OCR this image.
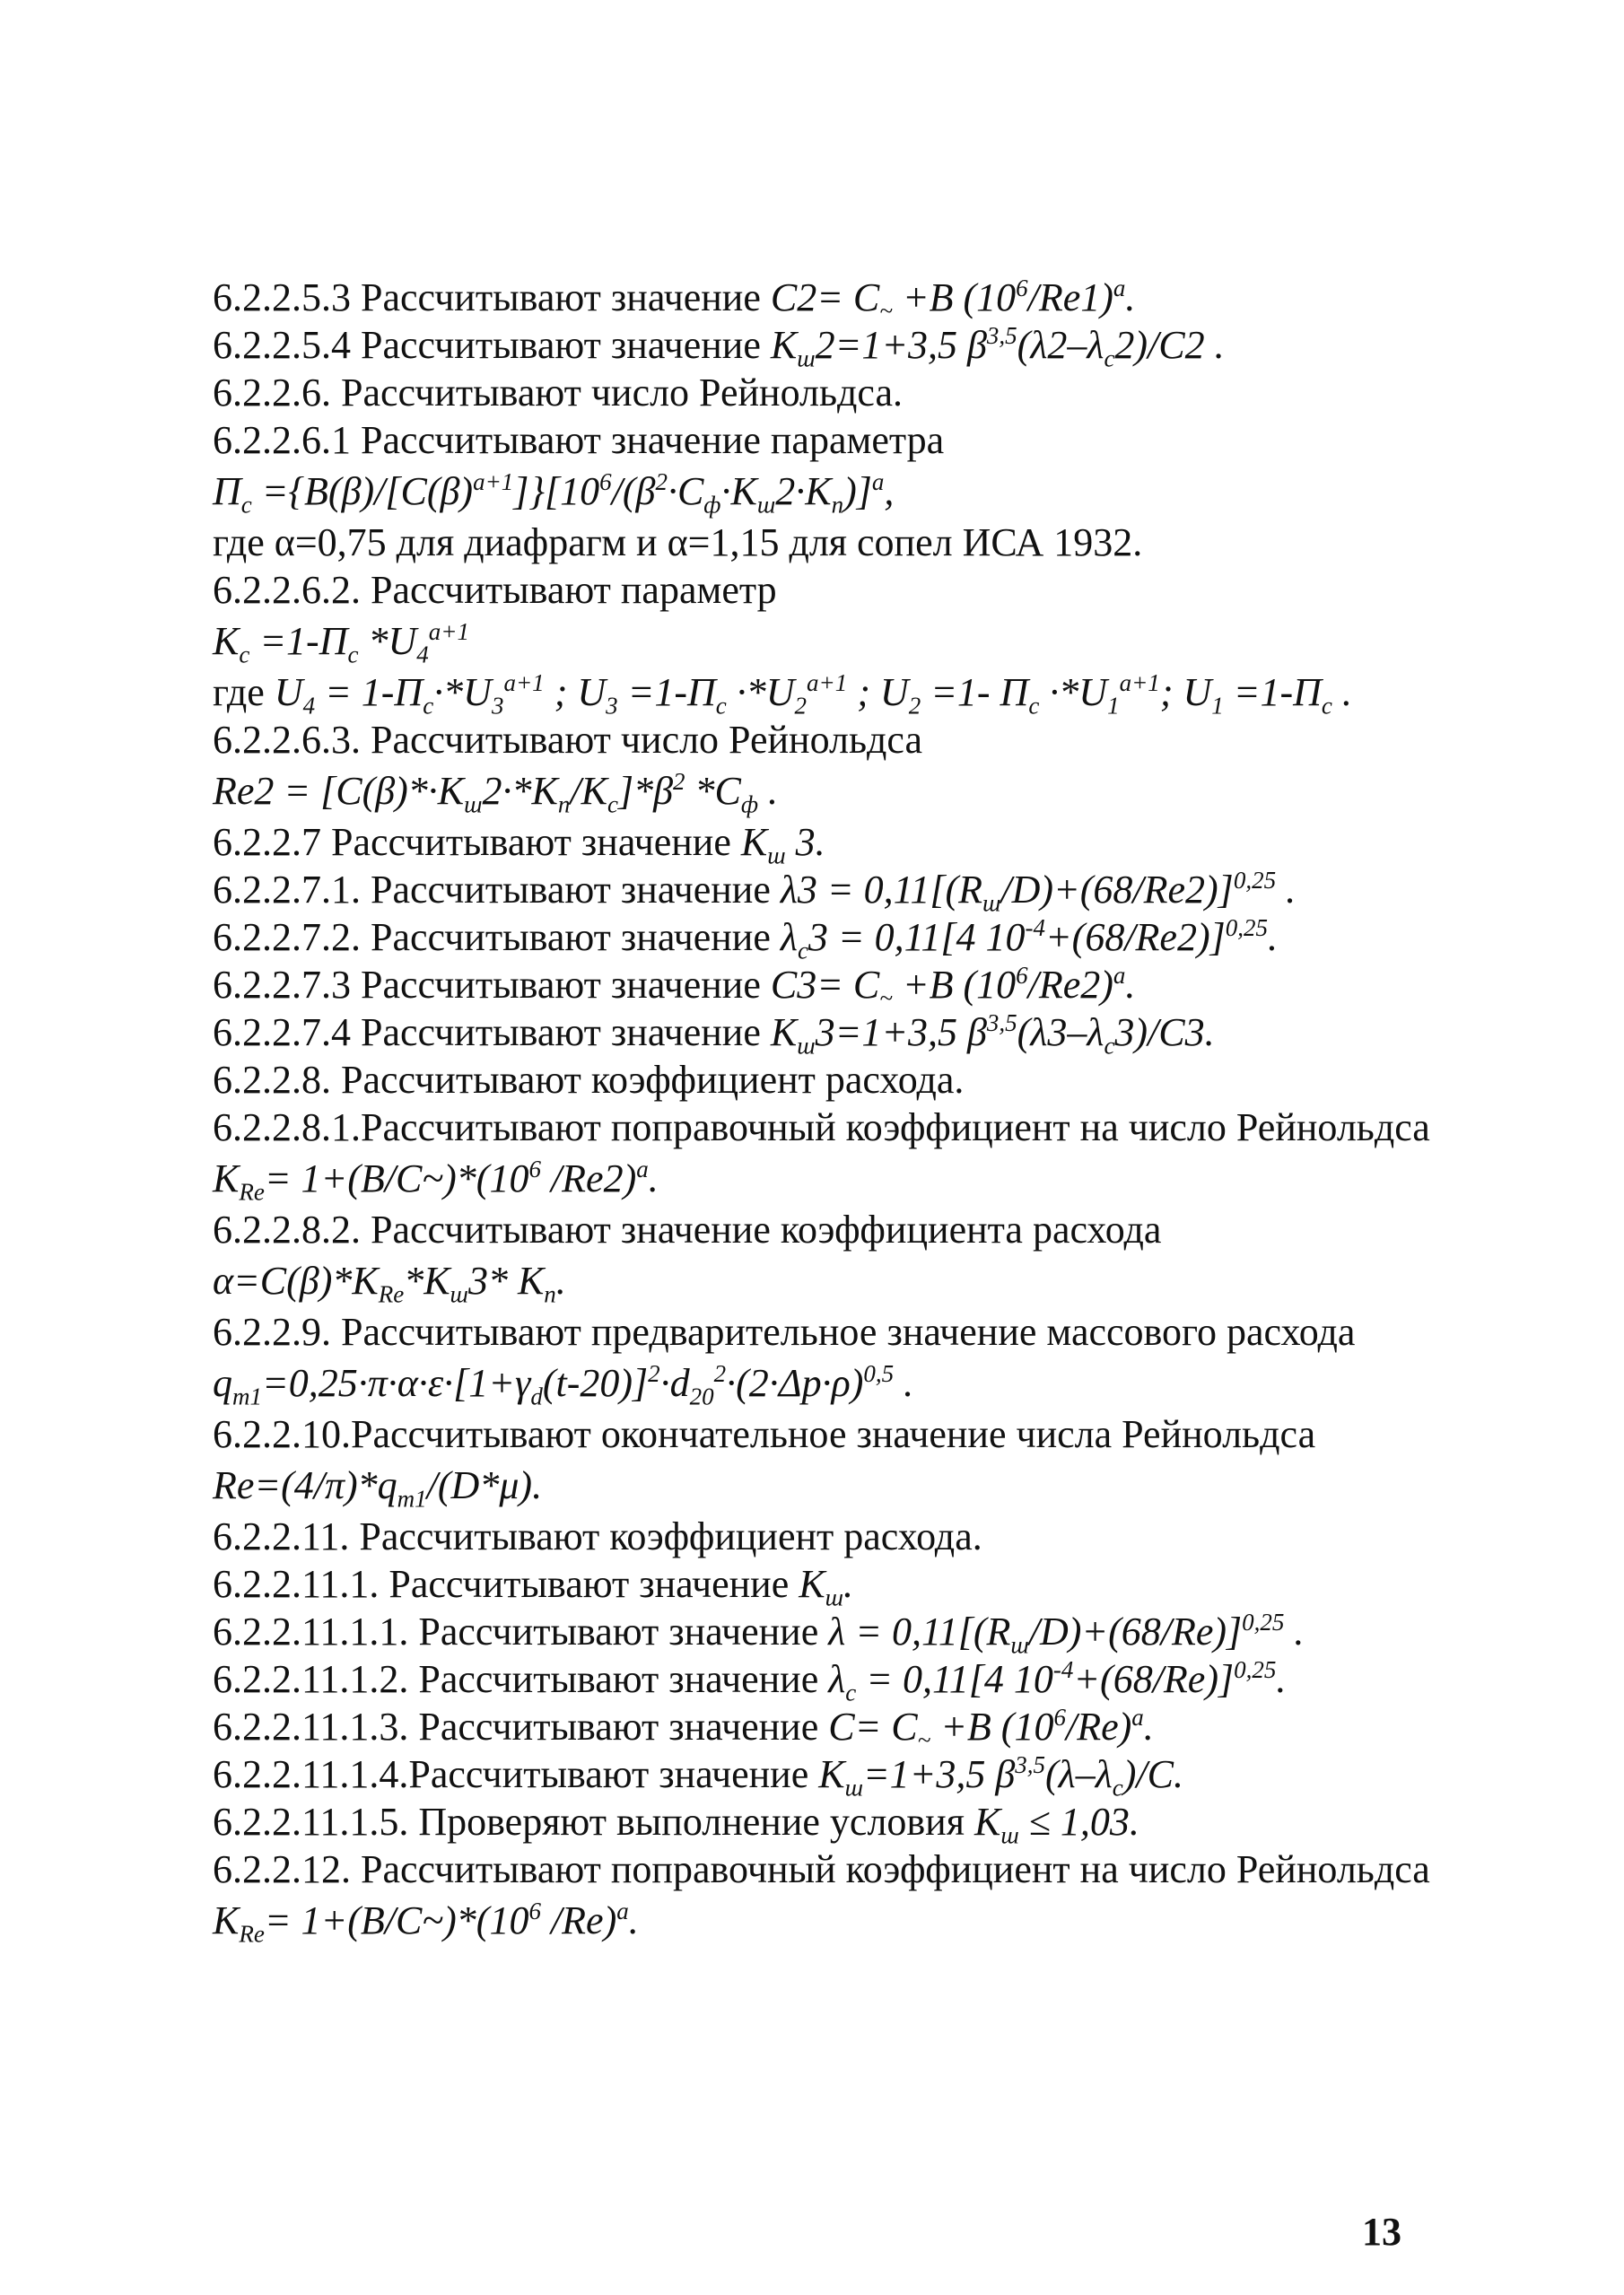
6.2.2.5.3 Рассчитывают значение $C2= C_\sim +B$ $(10^6/Re1)^a$.
6.2.2.5.4 Рассчитывают значение $K_ш2=1+3,5$ $\beta^{3,5}(\lambda 2-\lambda_c2)/C2$ .
6.2.2.6. Рассчитывают число Рейнольдса.
6.2.2.6.1 Рассчитывают значение параметра
$П_c =\{B(\beta)/[C(\beta)^{a+1}]\}[10^6/(\beta^2\cdot C_ф\cdot K_ш2\cdot K_п)]^a$,
где α=0,75 для диафрагм и α=1,15 для сопел ИСА 1932.
6.2.2.6.2. Рассчитывают параметр
$K_c =1-П_c$ $*U_4^{a+1}$
где $U_4 = 1-П_c\cdot*U_3^{a+1}$ ; $U_3 =1-П_c \cdot*U_2^{a+1}$ ; $U_2 =1-$ $П_c \cdot*U_1^{a+1}$; $U_1 =1-П_c$ .
6.2.2.6.3. Рассчитывают число Рейнольдса
$Re2 = [C(\beta)*\cdot K_ш2\cdot*K_п/K_c]*\beta^2$ $*C_ф$ .
6.2.2.7 Рассчитывают значение $K_ш$ 3.
6.2.2.7.1. Рассчитывают значение $\lambda 3 = 0,11[(R_ш/D)+(68/Re2)]^{0,25}$ .
6.2.2.7.2. Рассчитывают значение $\lambda_c3 = 0,11[4$ $10^{-4}+(68/Re2)]^{0,25}$.
6.2.2.7.3 Рассчитывают значение $C3= C_\sim +B$ $(10^6/Re2)^a$.
6.2.2.7.4 Рассчитывают значение $K_ш3=1+3,5$ $\beta^{3,5}(\lambda 3-\lambda_c3)/C3$.
6.2.2.8. Рассчитывают коэффициент расхода.
6.2.2.8.1.Рассчитывают поправочный коэффициент на число Рейнольдса
$K_{Re}=$ $1+(B/C\sim)*(10^6$ /Re2)$^a$.
6.2.2.8.2. Рассчитывают значение коэффициента расхода
$\alpha=C(\beta)*K_{Re}*K_ш3*$ $K_п$.
6.2.2.9. Рассчитывают предварительное значение массового расхода
$q_{m1}=0,25\cdot\pi\cdot\alpha\cdot\varepsilon\cdot[1+\gamma_d(t-20)]^2\cdot d_{20}^2\cdot(2\cdot\Delta p\cdot\rho)^{0,5}$ .
6.2.2.10.Рассчитывают окончательное значение числа Рейнольдса
$Re=(4/\pi)*q_{m1}/(D*\mu)$.
6.2.2.11. Рассчитывают коэффициент расхода.
6.2.2.11.1. Рассчитывают значение $K_ш$.
6.2.2.11.1.1. Рассчитывают значение $\lambda = 0,11[(R_ш/D)+(68/Re)]^{0,25}$ .
6.2.2.11.1.2. Рассчитывают значение $\lambda_c = 0,11[4$ $10^{-4}+(68/Re)]^{0,25}$.
6.2.2.11.1.3. Рассчитывают значение $C= C_\sim +B$ $(10^6/Re)^a$.
6.2.2.11.1.4.Рассчитывают значение $K_ш=1+3,5$ $\beta^{3,5}(\lambda-\lambda_c)/C$.
6.2.2.11.1.5. Проверяют выполнение условия $K_ш \le 1,03$.
6.2.2.12. Рассчитывают поправочный коэффициент на число Рейнольдса
$K_{Re}=$ $1+(B/C\sim)*(10^6$ /Re)$^a$.
13
